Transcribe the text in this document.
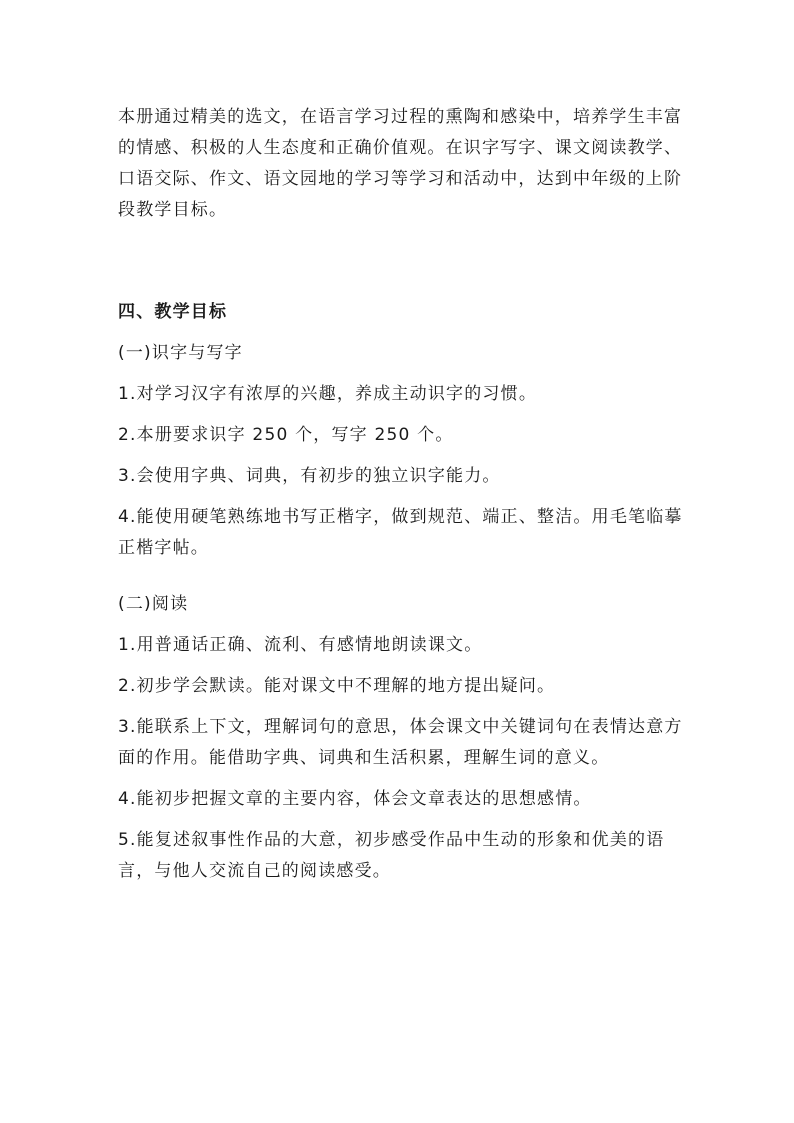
本册通过精美的选文，在语言学习过程的熏陶和感染中，培养学生丰富的情感、积极的人生态度和正确价值观。在识字写字、课文阅读教学、口语交际、作文、语文园地的学习等学习和活动中，达到中年级的上阶段教学目标。

四、教学目标

(一)识字与写字

1.对学习汉字有浓厚的兴趣，养成主动识字的习惯。

2.本册要求识字 250 个，写字 250 个。

3.会使用字典、词典，有初步的独立识字能力。

4.能使用硬笔熟练地书写正楷字，做到规范、端正、整洁。用毛笔临摹正楷字帖。

(二)阅读

1.用普通话正确、流利、有感情地朗读课文。

2.初步学会默读。能对课文中不理解的地方提出疑问。

3.能联系上下文，理解词句的意思，体会课文中关键词句在表情达意方面的作用。能借助字典、词典和生活积累，理解生词的意义。

4.能初步把握文章的主要内容，体会文章表达的思想感情。

5.能复述叙事性作品的大意，初步感受作品中生动的形象和优美的语言，与他人交流自己的阅读感受。
